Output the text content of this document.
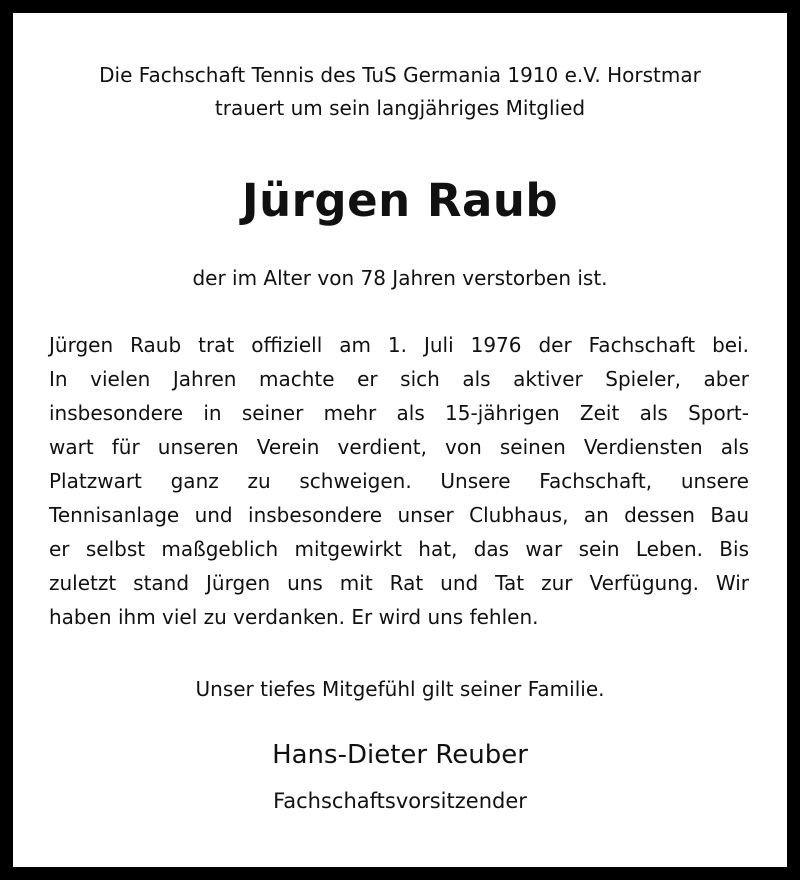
Die Fachschaft Tennis des TuS Germania 1910 e.V. Horstmar
trauert um sein langjähriges Mitglied
Jürgen Raub
der im Alter von 78 Jahren verstorben ist.
Jürgen Raub trat offiziell am 1. Juli 1976 der Fachschaft bei.
In vielen Jahren machte er sich als aktiver Spieler, aber
insbesondere in seiner mehr als 15-jährigen Zeit als Sport-
wart für unseren Verein verdient, von seinen Verdiensten als
Platzwart ganz zu schweigen. Unsere Fachschaft, unsere
Tennisanlage und insbesondere unser Clubhaus, an dessen Bau
er selbst maßgeblich mitgewirkt hat, das war sein Leben. Bis
zuletzt stand Jürgen uns mit Rat und Tat zur Verfügung. Wir
haben ihm viel zu verdanken. Er wird uns fehlen.
Unser tiefes Mitgefühl gilt seiner Familie.
Hans-Dieter Reuber
Fachschaftsvorsitzender
